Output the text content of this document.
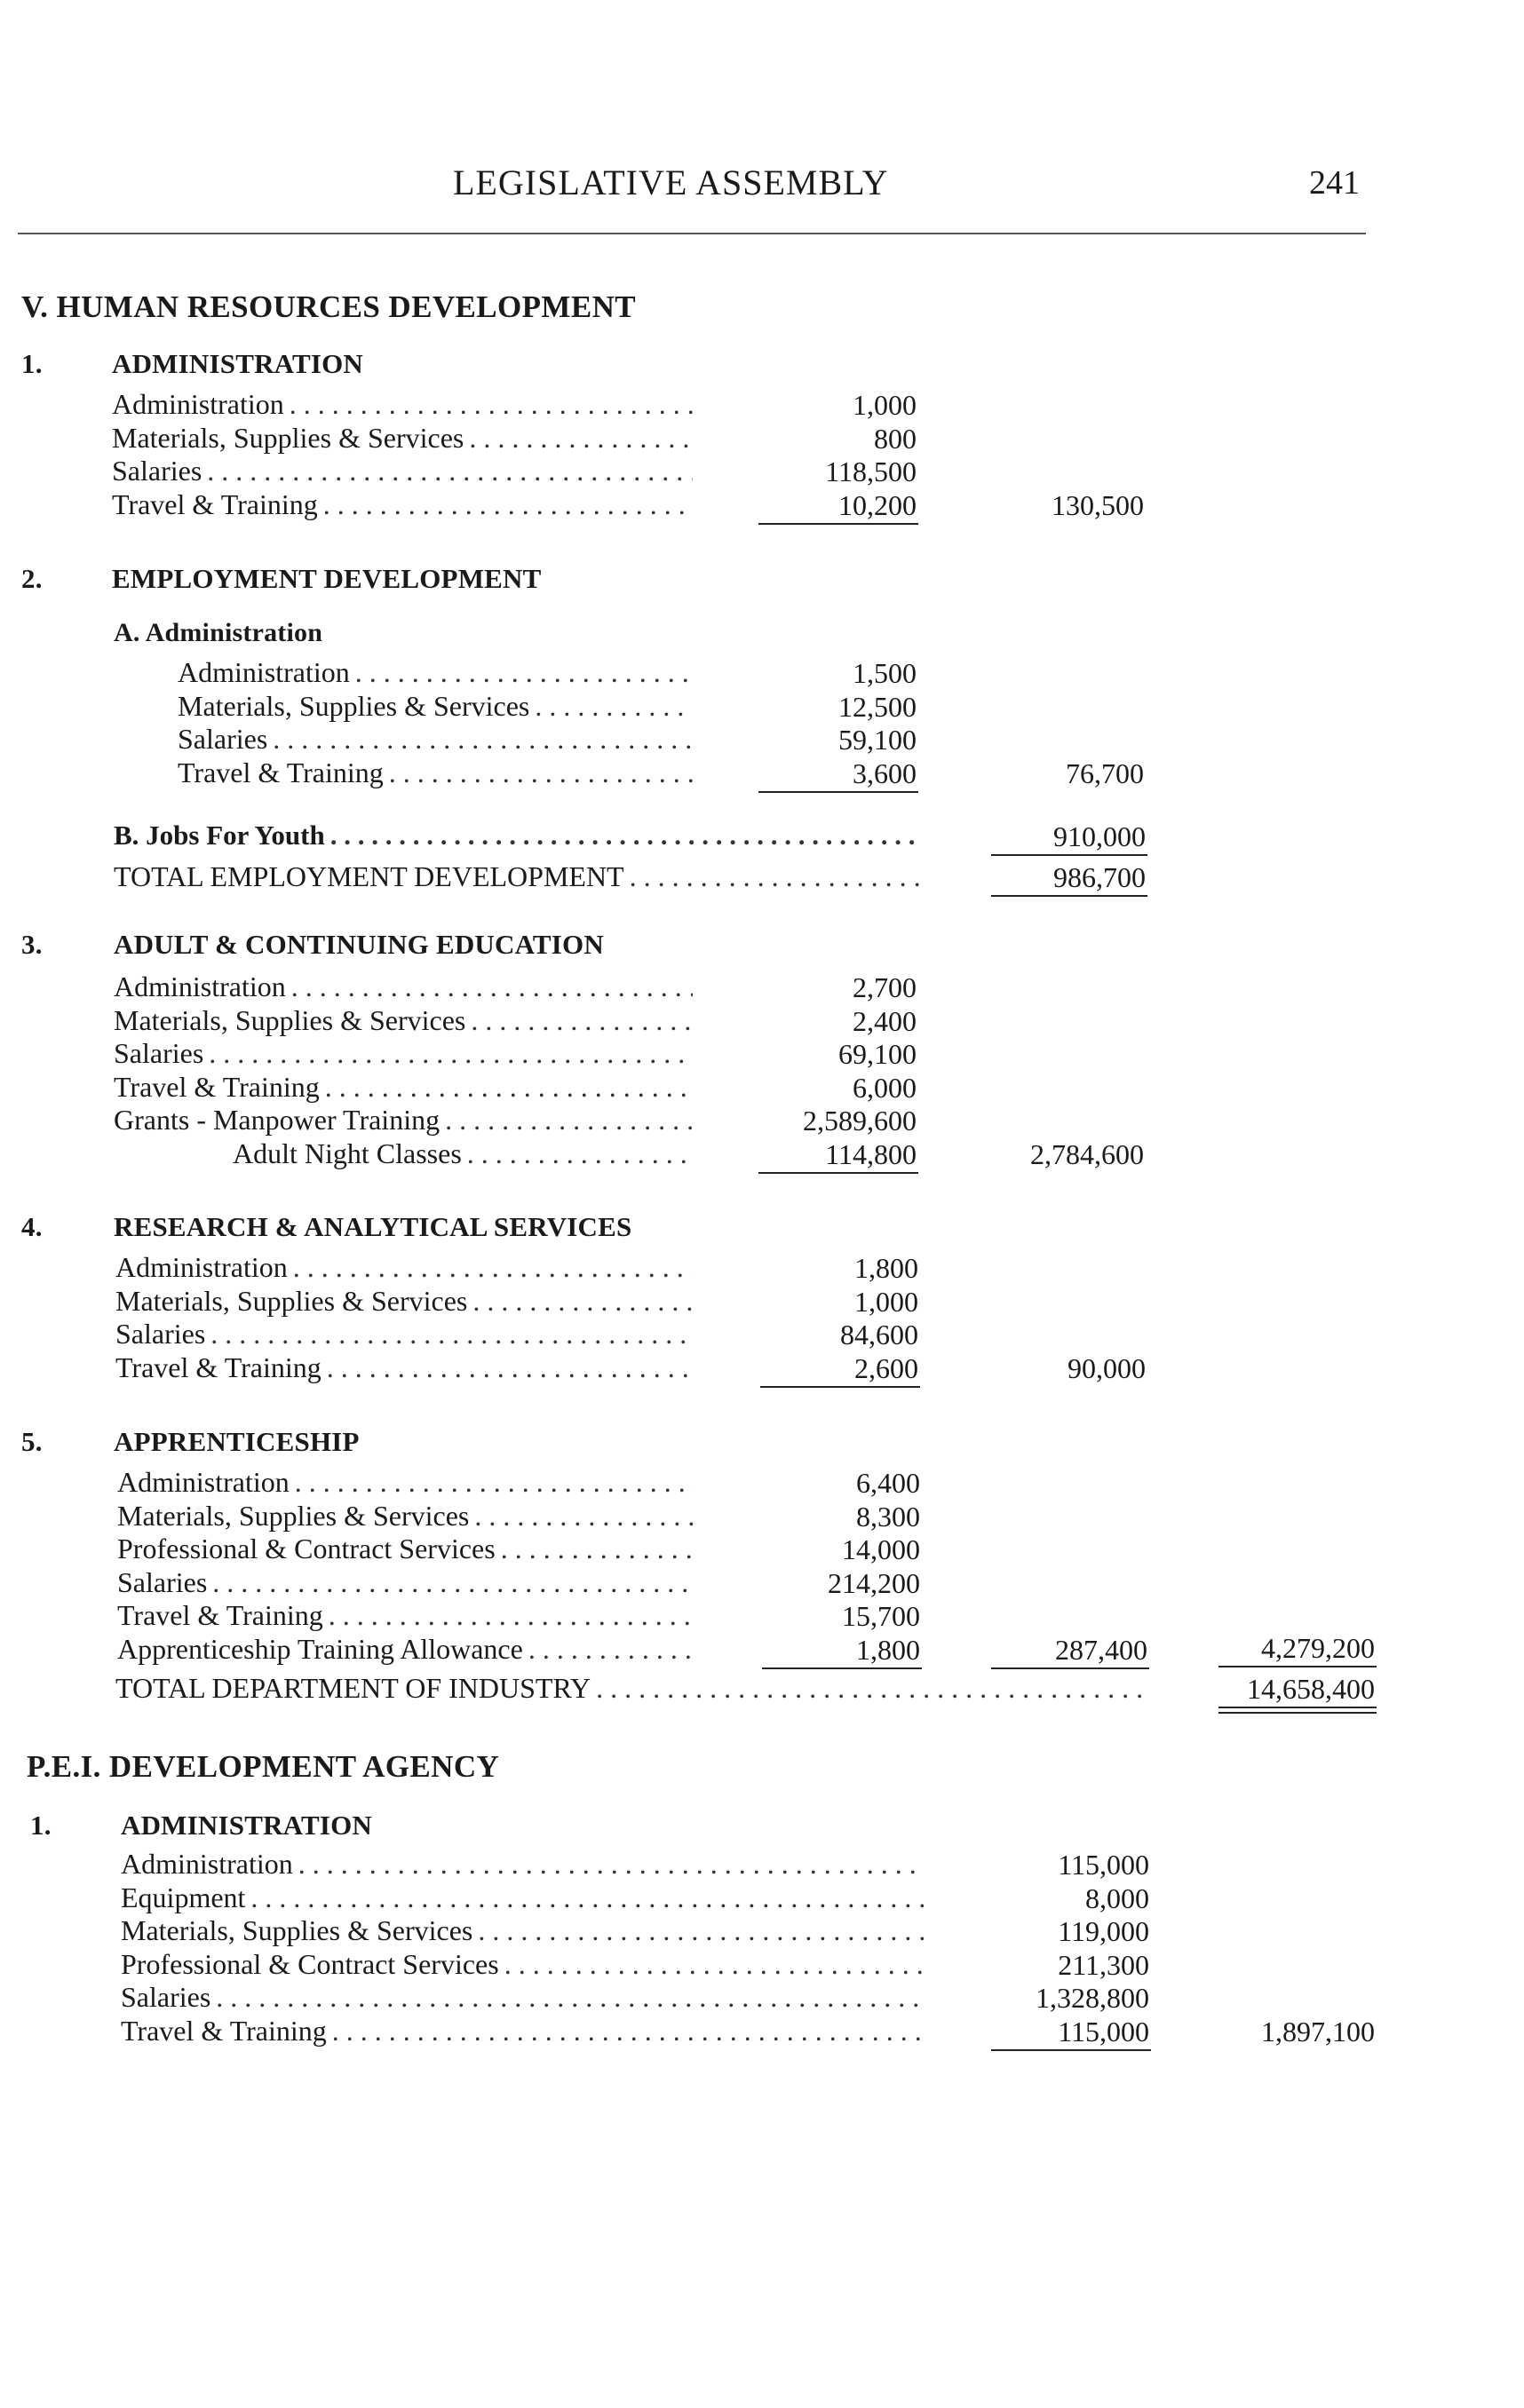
LEGISLATIVE ASSEMBLY	241
V. HUMAN RESOURCES DEVELOPMENT
1.	ADMINISTRATION
Administration . . .	1,000
Materials, Supplies & Services . . .	800
Salaries . . .	118,500
Travel & Training . . .	10,200	130,500
2.	EMPLOYMENT DEVELOPMENT
A. Administration
Administration . . .	1,500
Materials, Supplies & Services . . .	12,500
Salaries . . .	59,100
Travel & Training . . .	3,600	76,700
B. Jobs For Youth . . .	910,000
TOTAL EMPLOYMENT DEVELOPMENT . . .	986,700
3.	ADULT & CONTINUING EDUCATION
Administration . . .	2,700
Materials, Supplies & Services . . .	2,400
Salaries . . .	69,100
Travel & Training . . .	6,000
Grants - Manpower Training . . .	2,589,600
Adult Night Classes . . .	114,800	2,784,600
4.	RESEARCH & ANALYTICAL SERVICES
Administration . . .	1,800
Materials, Supplies & Services . . .	1,000
Salaries . . .	84,600
Travel & Training . . .	2,600	90,000
5.	APPRENTICESHIP
Administration . . .	6,400
Materials, Supplies & Services . . .	8,300
Professional & Contract Services . . .	14,000
Salaries . . .	214,200
Travel & Training . . .	15,700
Apprenticeship Training Allowance . . .	1,800	287,400	4,279,200
TOTAL DEPARTMENT OF INDUSTRY . . .	14,658,400
P.E.I. DEVELOPMENT AGENCY
1.	ADMINISTRATION
Administration . . .	115,000
Equipment . . .	8,000
Materials, Supplies & Services . . .	119,000
Professional & Contract Services . . .	211,300
Salaries . . .	1,328,800
Travel & Training . . .	115,000	1,897,100
